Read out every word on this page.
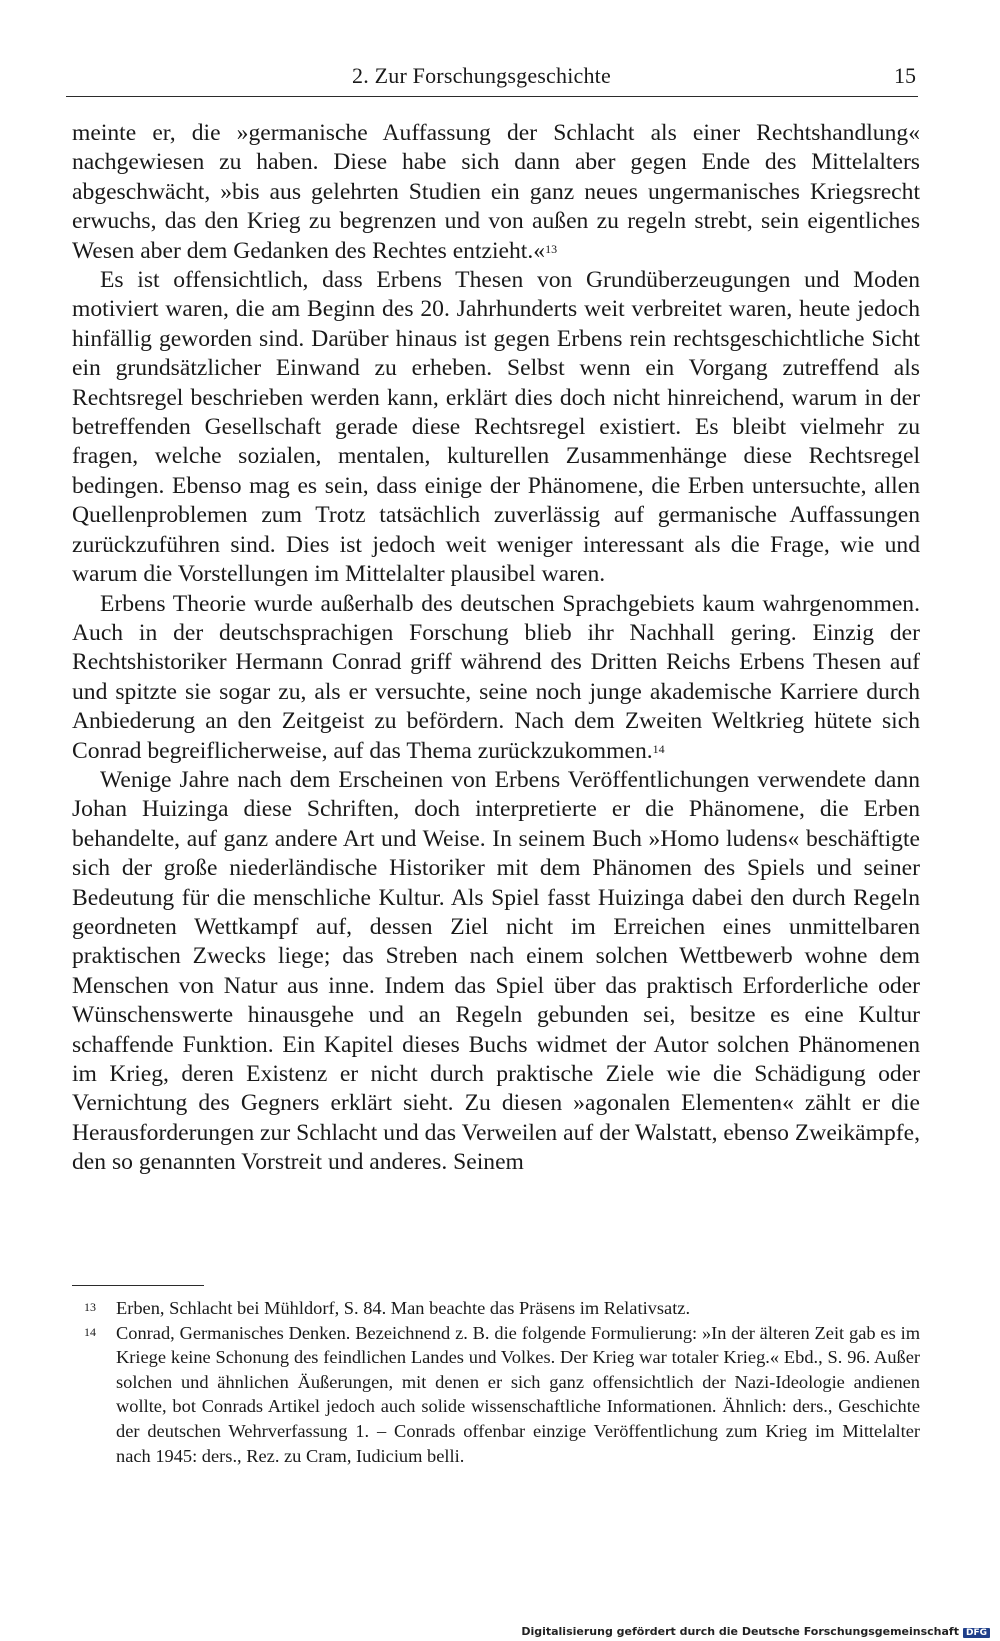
2. Zur Forschungsgeschichte	15

meinte er, die »germanische Auffassung der Schlacht als einer Rechtshandlung« nachgewiesen zu haben. Diese habe sich dann aber gegen Ende des Mittelalters abgeschwächt, »bis aus gelehrten Studien ein ganz neues ungermanisches Kriegsrecht erwuchs, das den Krieg zu begrenzen und von außen zu regeln strebt, sein eigentliches Wesen aber dem Gedanken des Rechtes entzieht.«$^{13}$

Es ist offensichtlich, dass Erbens Thesen von Grundüberzeugungen und Moden motiviert waren, die am Beginn des 20. Jahrhunderts weit verbreitet waren, heute jedoch hinfällig geworden sind. Darüber hinaus ist gegen Erbens rein rechtsgeschichtliche Sicht ein grundsätzlicher Einwand zu erheben. Selbst wenn ein Vorgang zutreffend als Rechtsregel beschrieben werden kann, erklärt dies doch nicht hinreichend, warum in der betreffenden Gesellschaft gerade diese Rechtsregel existiert. Es bleibt vielmehr zu fragen, welche sozialen, mentalen, kulturellen Zusammenhänge diese Rechtsregel bedingen. Ebenso mag es sein, dass einige der Phänomene, die Erben untersuchte, allen Quellenproblemen zum Trotz tatsächlich zuverlässig auf germanische Auffassungen zurückzuführen sind. Dies ist jedoch weit weniger interessant als die Frage, wie und warum die Vorstellungen im Mittelalter plausibel waren.

Erbens Theorie wurde außerhalb des deutschen Sprachgebiets kaum wahrgenommen. Auch in der deutschsprachigen Forschung blieb ihr Nachhall gering. Einzig der Rechtshistoriker Hermann Conrad griff während des Dritten Reichs Erbens Thesen auf und spitzte sie sogar zu, als er versuchte, seine noch junge akademische Karriere durch Anbiederung an den Zeitgeist zu befördern. Nach dem Zweiten Weltkrieg hütete sich Conrad begreiflicherweise, auf das Thema zurückzukommen.$^{14}$

Wenige Jahre nach dem Erscheinen von Erbens Veröffentlichungen verwendete dann Johan Huizinga diese Schriften, doch interpretierte er die Phänomene, die Erben behandelte, auf ganz andere Art und Weise. In seinem Buch »Homo ludens« beschäftigte sich der große niederländische Historiker mit dem Phänomen des Spiels und seiner Bedeutung für die menschliche Kultur. Als Spiel fasst Huizinga dabei den durch Regeln geordneten Wettkampf auf, dessen Ziel nicht im Erreichen eines unmittelbaren praktischen Zwecks liege; das Streben nach einem solchen Wettbewerb wohne dem Menschen von Natur aus inne. Indem das Spiel über das praktisch Erforderliche oder Wünschenswerte hinausgehe und an Regeln gebunden sei, besitze es eine Kultur schaffende Funktion. Ein Kapitel dieses Buchs widmet der Autor solchen Phänomenen im Krieg, deren Existenz er nicht durch praktische Ziele wie die Schädigung oder Vernichtung des Gegners erklärt sieht. Zu diesen »agonalen Elementen« zählt er die Herausforderungen zur Schlacht und das Verweilen auf der Walstatt, ebenso Zweikämpfe, den so genannten Vorstreit und anderes. Seinem

13 Erben, Schlacht bei Mühldorf, S. 84. Man beachte das Präsens im Relativsatz.

14 Conrad, Germanisches Denken. Bezeichnend z. B. die folgende Formulierung: »In der älteren Zeit gab es im Kriege keine Schonung des feindlichen Landes und Volkes. Der Krieg war totaler Krieg.« Ebd., S. 96. Außer solchen und ähnlichen Äußerungen, mit denen er sich ganz offensichtlich der Nazi-Ideologie andienen wollte, bot Conrads Artikel jedoch auch solide wissenschaftliche Informationen. Ähnlich: ders., Geschichte der deutschen Wehrverfassung 1. – Conrads offenbar einzige Veröffentlichung zum Krieg im Mittelalter nach 1945: ders., Rez. zu Cram, Iudicium belli.

Digitalisierung gefördert durch die Deutsche Forschungsgemeinschaft DFG
